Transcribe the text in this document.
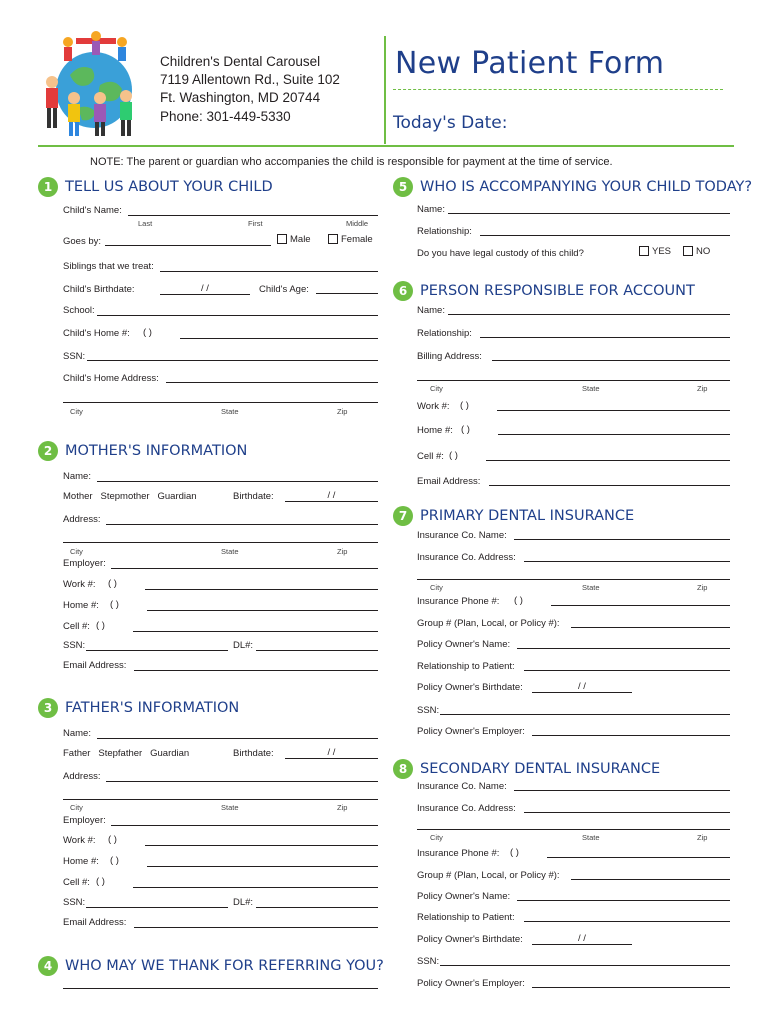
Children's Dental Carousel
7119 Allentown Rd., Suite 102
Ft. Washington, MD 20744
Phone: 301-449-5330
New Patient Form
Today's Date:
NOTE: The parent or guardian who accompanies the child is responsible for payment at the time of service.
1 TELL US ABOUT YOUR CHILD
Child's Name:
Last	First	Middle
Goes by:	Male	Female
Siblings that we treat:
Child's Birthdate:	/ /	Child's Age:
School:
Child's Home #: ( )
SSN:
Child's Home Address:
City	State	Zip
2 MOTHER'S INFORMATION
Name:
Mother   Stepmother   Guardian	Birthdate:	/ /
Address:
City	State	Zip
Employer:
Work #: ( )
Home #: ( )
Cell #: ( )
SSN:	DL#:
Email Address:
3 FATHER'S INFORMATION
Name:
Father   Stepfather   Guardian	Birthdate:	/ /
Address:
City	State	Zip
Employer:
Work #: ( )
Home #: ( )
Cell #: ( )
SSN:	DL#:
Email Address:
4 WHO MAY WE THANK FOR REFERRING YOU?
5 WHO IS ACCOMPANYING YOUR CHILD TODAY?
Name:
Relationship:
Do you have legal custody of this child?	YES	NO
6 PERSON RESPONSIBLE FOR ACCOUNT
Name:
Relationship:
Billing Address:
City	State	Zip
Work #: ( )
Home #: ( )
Cell #: ( )
Email Address:
7 PRIMARY DENTAL INSURANCE
Insurance Co. Name:
Insurance Co. Address:
City	State	Zip
Insurance Phone #: ( )
Group # (Plan, Local, or Policy #):
Policy Owner's Name:
Relationship to Patient:
Policy Owner's Birthdate:	/ /
SSN:
Policy Owner's Employer:
8 SECONDARY DENTAL INSURANCE
Insurance Co. Name:
Insurance Co. Address:
City	State	Zip
Insurance Phone #: ( )
Group # (Plan, Local, or Policy #):
Policy Owner's Name:
Relationship to Patient:
Policy Owner's Birthdate:	/ /
SSN:
Policy Owner's Employer:
